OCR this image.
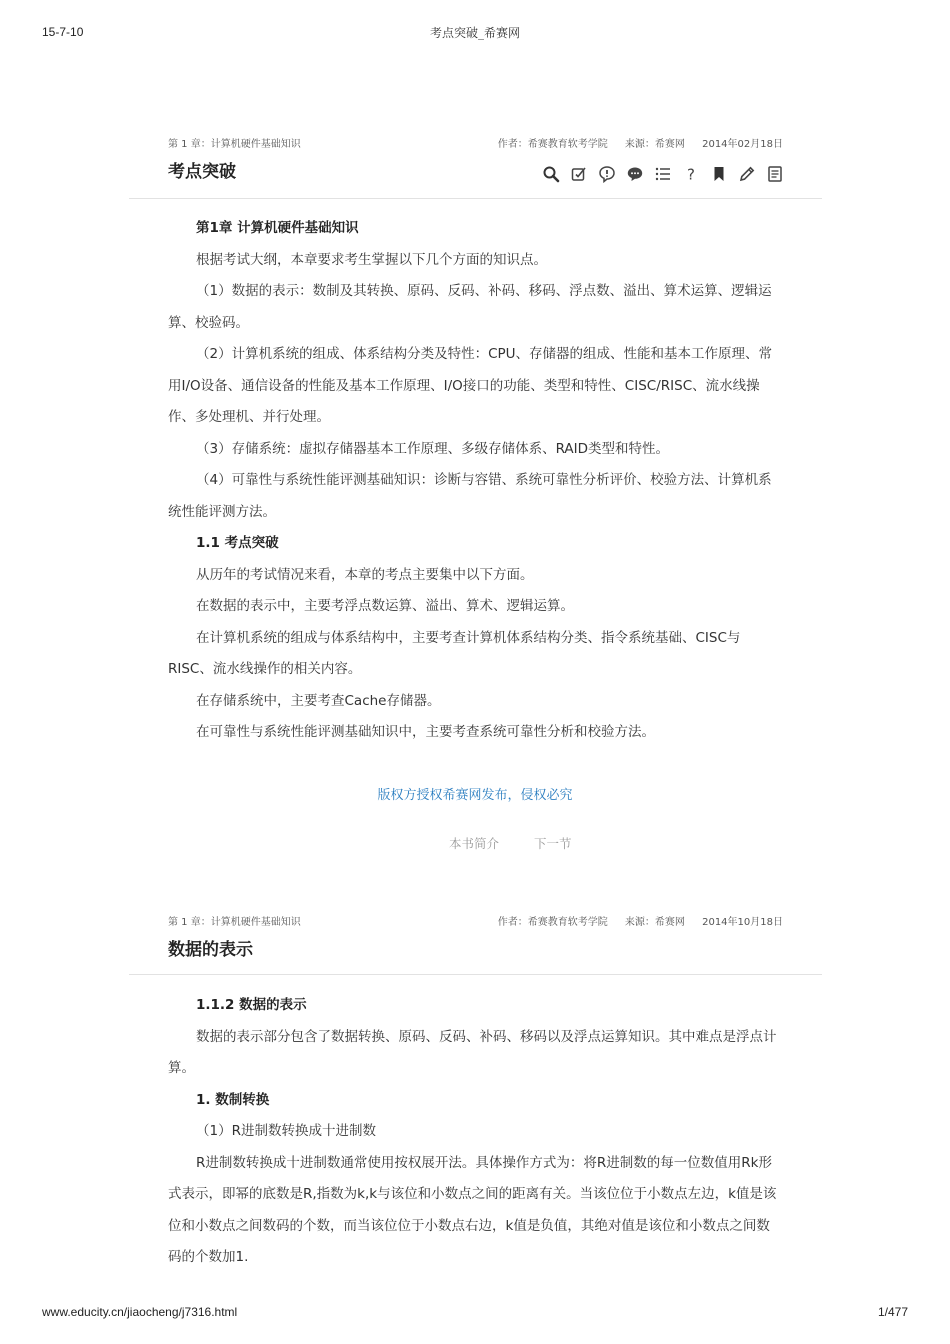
15-7-10	考点突破_希赛网
www.educity.cn/jiaocheng/j7316.html	1/477
第 1 章：计算机硬件基础知识	作者：希赛教育软考学院 来源：希赛网 2014年02月18日
考点突破	?

第1章 计算机硬件基础知识

根据考试大纲，本章要求考生掌握以下几个方面的知识点。

（1）数据的表示：数制及其转换、原码、反码、补码、移码、浮点数、溢出、算术运算、逻辑运算、校验码。

（2）计算机系统的组成、体系结构分类及特性：CPU、存储器的组成、性能和基本工作原理、常用I/O设备、通信设备的性能及基本工作原理、I/O接口的功能、类型和特性、CISC/RISC、流水线操作、多处理机、并行处理。

（3）存储系统：虚拟存储器基本工作原理、多级存储体系、RAID类型和特性。

（4）可靠性与系统性能评测基础知识：诊断与容错、系统可靠性分析评价、校验方法、计算机系统性能评测方法。

1.1 考点突破

从历年的考试情况来看，本章的考点主要集中以下方面。

在数据的表示中，主要考浮点数运算、溢出、算术、逻辑运算。

在计算机系统的组成与体系结构中，主要考查计算机体系结构分类、指令系统基础、CISC与RISC、流水线操作的相关内容。

在存储系统中，主要考查Cache存储器。

在可靠性与系统性能评测基础知识中，主要考查系统可靠性分析和校验方法。

版权方授权希赛网发布，侵权必究
本书简介	下一节
第 1 章：计算机硬件基础知识	作者：希赛教育软考学院 来源：希赛网 2014年10月18日
数据的表示

1.1.2 数据的表示

数据的表示部分包含了数据转换、原码、反码、补码、移码以及浮点运算知识。其中难点是浮点计算。

1. 数制转换

（1）R进制数转换成十进制数

R进制数转换成十进制数通常使用按权展开法。具体操作方式为：将R进制数的每一位数值用Rk形式表示，即幂的底数是R,指数为k,k与该位和小数点之间的距离有关。当该位位于小数点左边，k值是该位和小数点之间数码的个数，而当该位位于小数点右边，k值是负值，其绝对值是该位和小数点之间数码的个数加1.
